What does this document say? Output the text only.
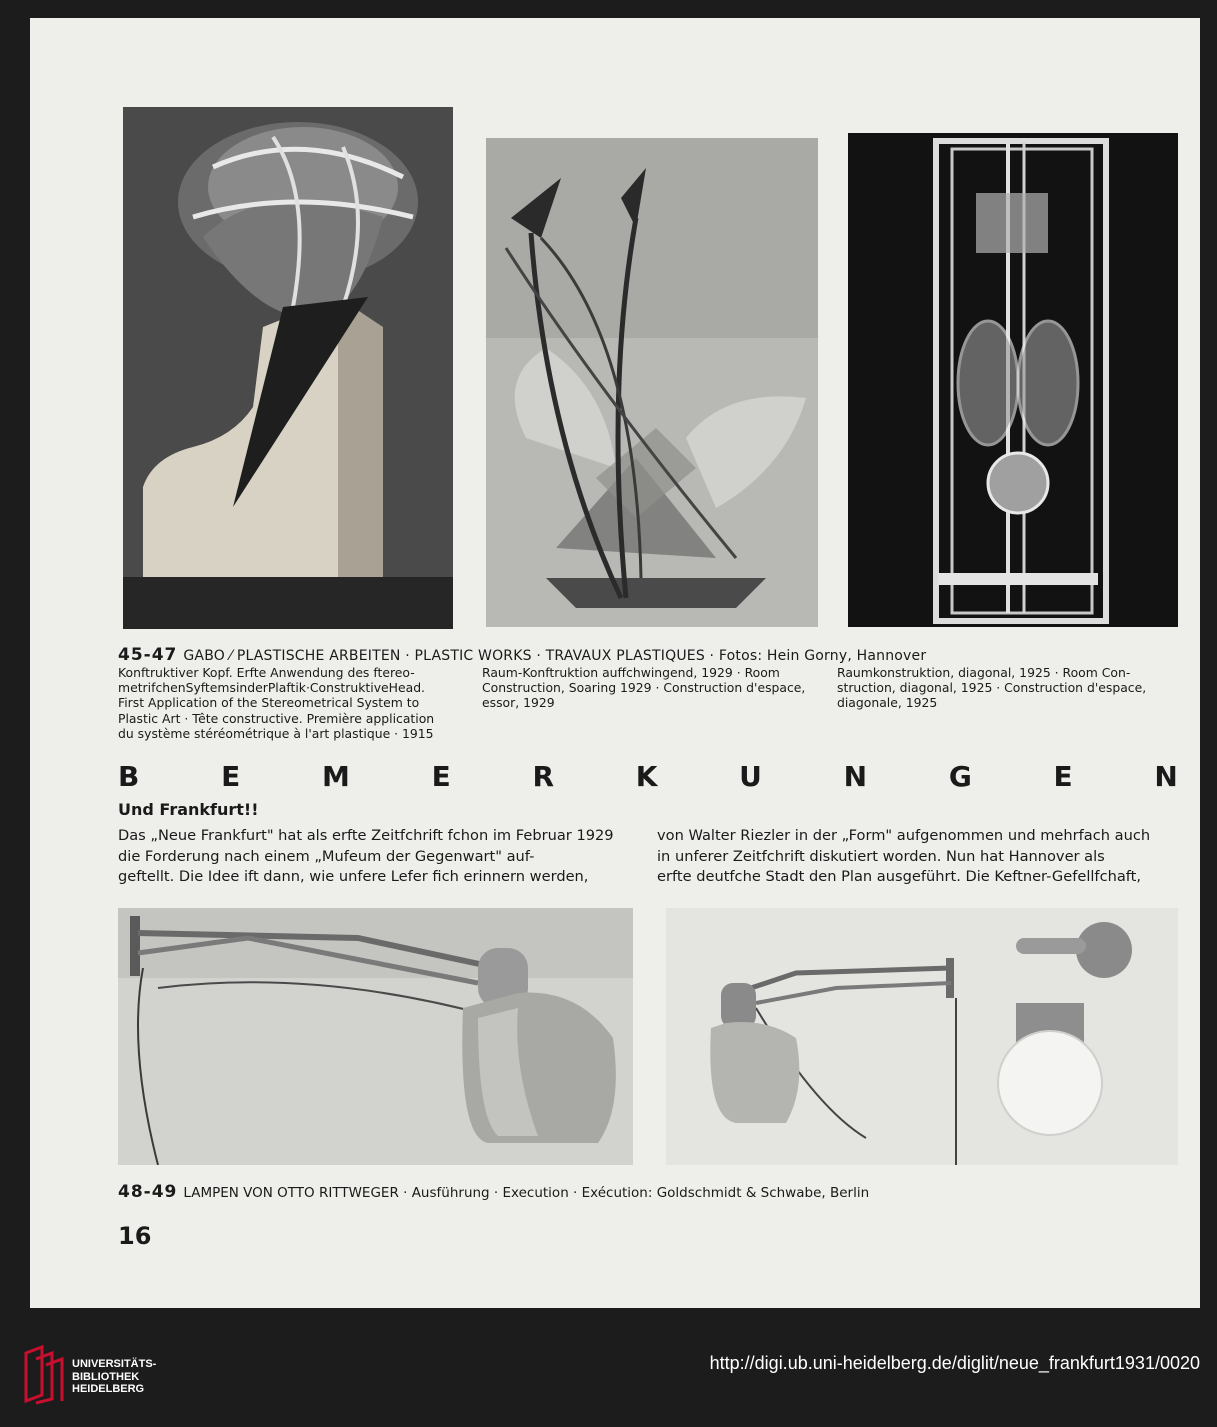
45-47 GABO ⁄ PLASTISCHE ARBEITEN · PLASTIC WORKS · TRAVAUX PLASTIQUES · Fotos: Hein Gorny, Hannover
Konftruktiver Kopf. Erfte Anwendung des ftereo-
metrifchenSyftemsinderPlaftik·ConstruktiveHead.
First Application of the Stereometrical System to
Plastic Art · Tête constructive. Première application
du système stéréométrique à l'art plastique · 1915
Raum-Konftruktion auffchwingend, 1929 · Room
Construction, Soaring 1929 · Construction d'espace,
essor, 1929
Raumkonstruktion, diagonal, 1925 · Room Con-
struction, diagonal, 1925 · Construction d'espace,
diagonale, 1925
B	E	M	E	R	K	U	N	G	E	N
Und Frankfurt!!
Das „Neue Frankfurt" hat als erfte Zeitfchrift fchon im Februar 1929
die Forderung nach einem „Mufeum der Gegenwart" auf-
geftellt. Die Idee ift dann, wie unfere Lefer fich erinnern werden,
von Walter Riezler in der „Form" aufgenommen und mehrfach auch
in unferer Zeitfchrift diskutiert worden. Nun hat Hannover als
erfte deutfche Stadt den Plan ausgeführt. Die Keftner-Gefellfchaft,
48-49 LAMPEN VON OTTO RITTWEGER · Ausführung · Execution · Exécution: Goldschmidt & Schwabe, Berlin
16
UNIVERSITÄTS-
BIBLIOTHEK
HEIDELBERG
http://digi.ub.uni-heidelberg.de/diglit/neue_frankfurt1931/0020
